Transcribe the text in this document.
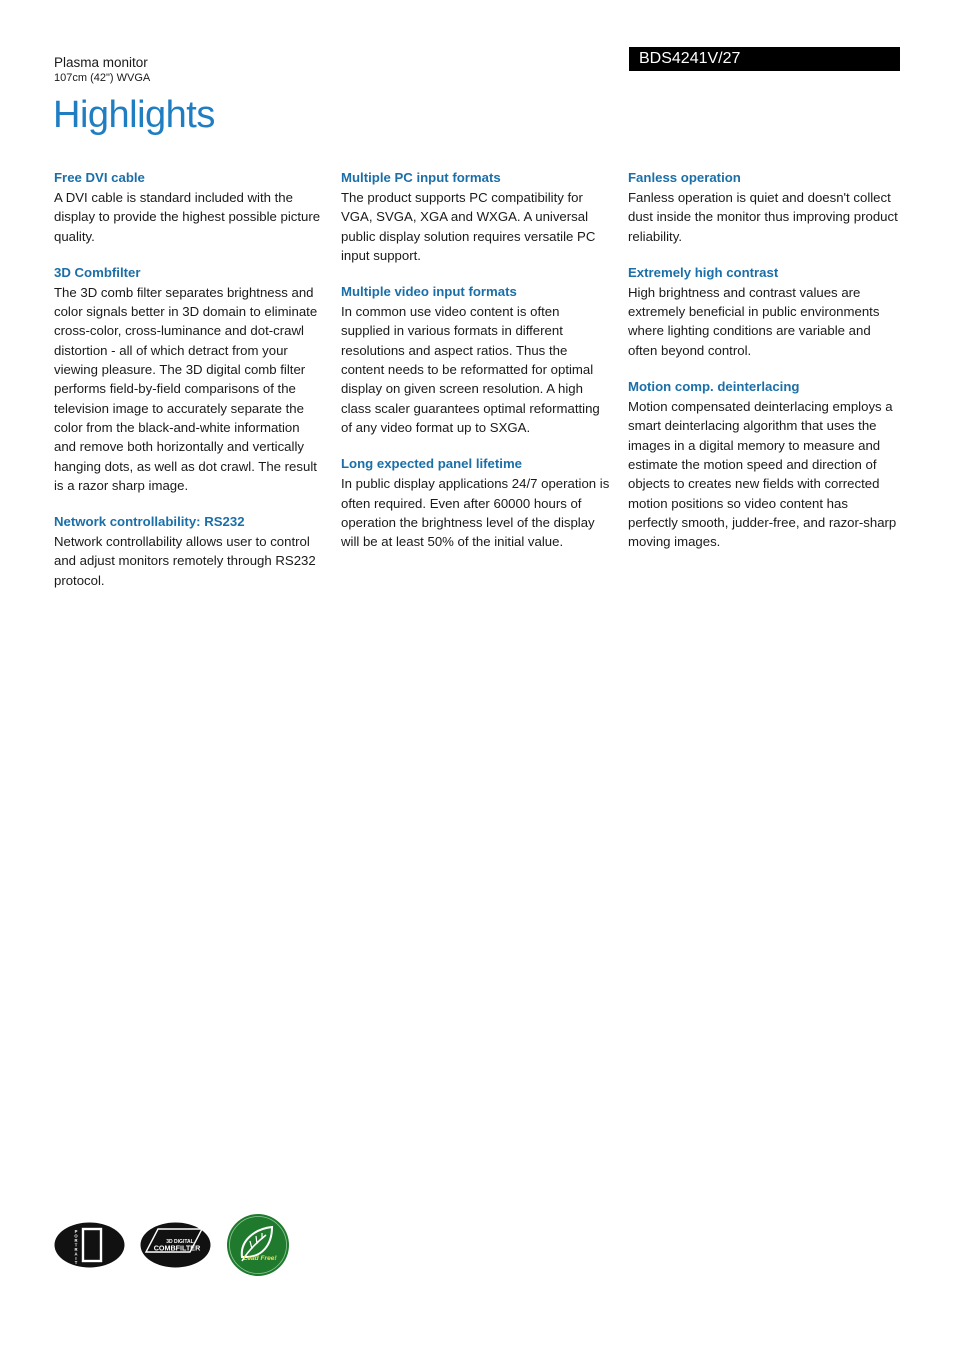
Plasma monitor
107cm (42") WVGA
BDS4241V/27
Highlights

Free DVI cable

A DVI cable is standard included with the display to provide the highest possible picture quality.

3D Combfilter

The 3D comb filter separates brightness and color signals better in 3D domain to eliminate cross-color, cross-luminance and dot-crawl distortion - all of which detract from your viewing pleasure. The 3D digital comb filter performs field-by-field comparisons of the television image to accurately separate the color from the black-and-white information and remove both horizontally and vertically hanging dots, as well as dot crawl. The result is a razor sharp image.

Network controllability: RS232

Network controllability allows user to control and adjust monitors remotely through RS232 protocol.

Multiple PC input formats

The product supports PC compatibility for VGA, SVGA, XGA and WXGA. A universal public display solution requires versatile PC input support.

Multiple video input formats

In common use video content is often supplied in various formats in different resolutions and aspect ratios. Thus the content needs to be reformatted for optimal display on given screen resolution. A high class scaler guarantees optimal reformatting of any video format up to SXGA.

Long expected panel lifetime

In public display applications 24/7 operation is often required. Even after 60000 hours of operation the brightness level of the display will be at least 50% of the initial value.

Fanless operation

Fanless operation is quiet and doesn't collect dust inside the monitor thus improving product reliability.

Extremely high contrast

High brightness and contrast values are extremely beneficial in public environments where lighting conditions are variable and often beyond control.

Motion comp. deinterlacing

Motion compensated deinterlacing employs a smart deinterlacing algorithm that uses the images in a digital memory to measure and estimate the motion speed and direction of objects to creates new fields with corrected motion positions so video content has perfectly smooth, judder-free, and razor-sharp moving images.

P
O
R
T
R
A
I
T
3D DIGITAL
COMBFILTER
Lead Free!
